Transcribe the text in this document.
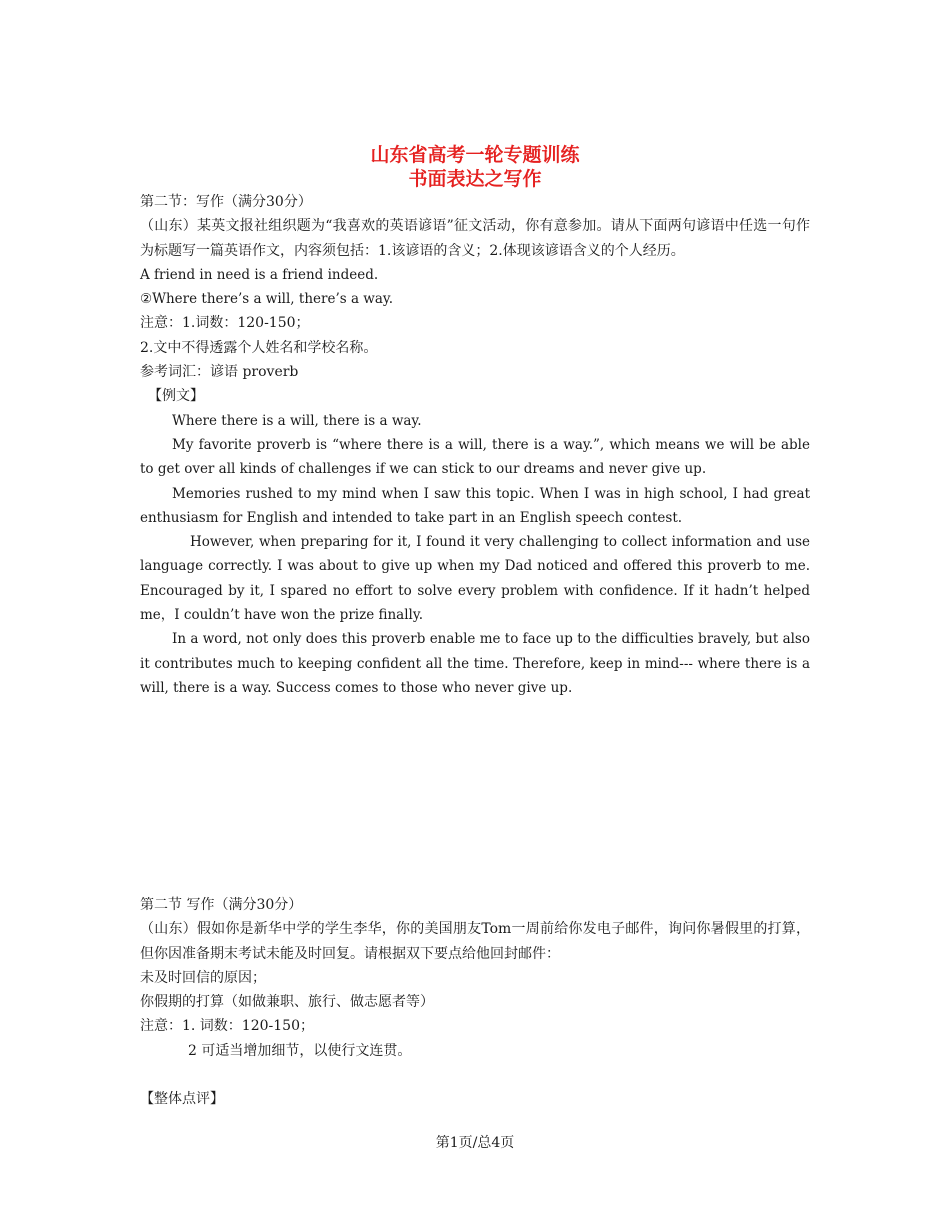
山东省高考一轮专题训练
书面表达之写作

第二节：写作（满分30分）

（山东）某英文报社组织题为“我喜欢的英语谚语”征文活动，你有意参加。请从下面两句谚语中任选一句作为标题写一篇英语作文，内容须包括：1.该谚语的含义；2.体现该谚语含义的个人经历。

A friend in need is a friend indeed.

②Where there’s a will, there’s a way.

注意：1.词数：120-150；

2.文中不得透露个人姓名和学校名称。

参考词汇：谚语 proverb

【例文】

Where there is a will, there is a way.

My favorite proverb is “where there is a will, there is a way.”, which means we will be able to get over all kinds of challenges if we can stick to our dreams and never give up.

Memories rushed to my mind when I saw this topic. When I was in high school, I had great enthusiasm for English and intended to take part in an English speech contest.

However, when preparing for it, I found it very challenging to collect information and use language correctly. I was about to give up when my Dad noticed and offered this proverb to me. Encouraged by it, I spared no effort to solve every problem with confidence. If it hadn’t helped me，I couldn’t have won the prize finally.

In a word, not only does this proverb enable me to face up to the difficulties bravely, but also it contributes much to keeping confident all the time. Therefore, keep in mind--- where there is a will, there is a way. Success comes to those who never give up.

第二节 写作（满分30分）

（山东）假如你是新华中学的学生李华，你的美国朋友Tom一周前给你发电子邮件，询问你暑假里的打算，但你因准备期末考试未能及时回复。请根据双下要点给他回封邮件：

未及时回信的原因；

你假期的打算（如做兼职、旅行、做志愿者等）

注意：1. 词数：120-150；

2 可适当增加细节，以使行文连贯。

【整体点评】

第1页/总4页
